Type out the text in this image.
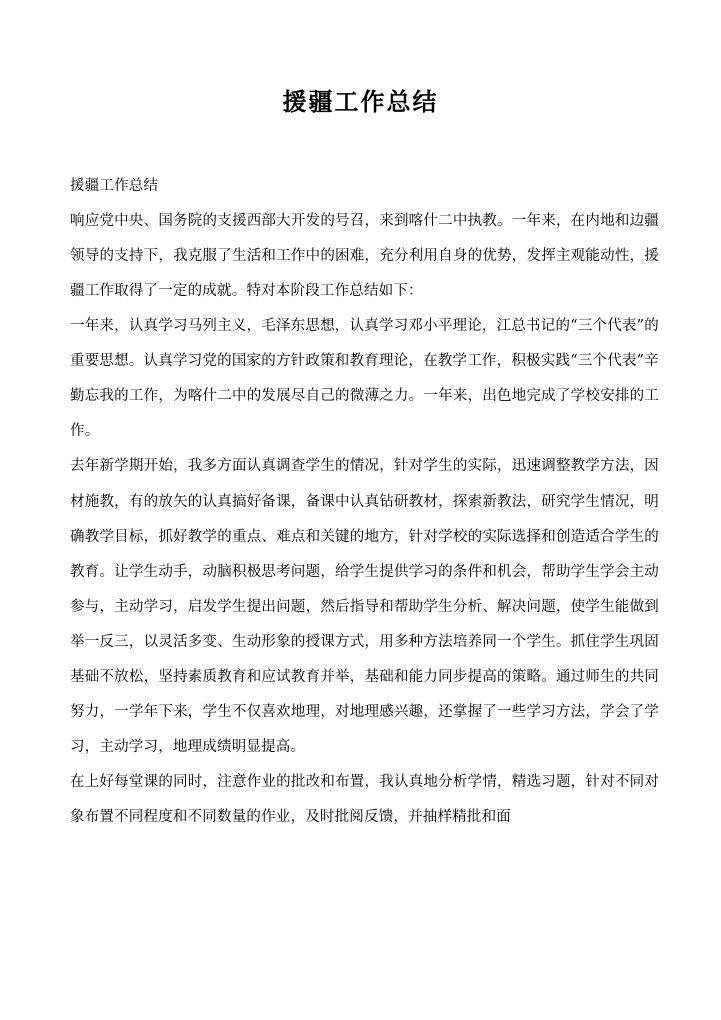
援疆工作总结

援疆工作总结

响应党中央、国务院的支援西部大开发的号召，来到喀什二中执教。一年来，在内地和边疆领导的支持下，我克服了生活和工作中的困难，充分利用自身的优势，发挥主观能动性，援疆工作取得了一定的成就。特对本阶段工作总结如下：

一年来，认真学习马列主义，毛泽东思想，认真学习邓小平理论，江总书记的“三个代表”的重要思想。认真学习党的国家的方针政策和教育理论，在教学工作，积极实践“三个代表”辛勤忘我的工作，为喀什二中的发展尽自己的微薄之力。一年来，出色地完成了学校安排的工作。

去年新学期开始，我多方面认真调查学生的情况，针对学生的实际，迅速调整教学方法，因材施教，有的放矢的认真搞好备课，备课中认真钻研教材，探索新教法，研究学生情况，明确教学目标，抓好教学的重点、难点和关键的地方，针对学校的实际选择和创造适合学生的教育。让学生动手，动脑积极思考问题，给学生提供学习的条件和机会，帮助学生学会主动参与，主动学习，启发学生提出问题，然后指导和帮助学生分析、解决问题，使学生能做到举一反三，以灵活多变、生动形象的授课方式，用多种方法培养同一个学生。抓住学生巩固基础不放松，坚持素质教育和应试教育并举，基础和能力同步提高的策略。通过师生的共同努力，一学年下来，学生不仅喜欢地理，对地理感兴趣，还掌握了一些学习方法，学会了学习，主动学习，地理成绩明显提高。

在上好每堂课的同时，注意作业的批改和布置，我认真地分析学情，精选习题，针对不同对象布置不同程度和不同数量的作业，及时批阅反馈，并抽样精批和面
